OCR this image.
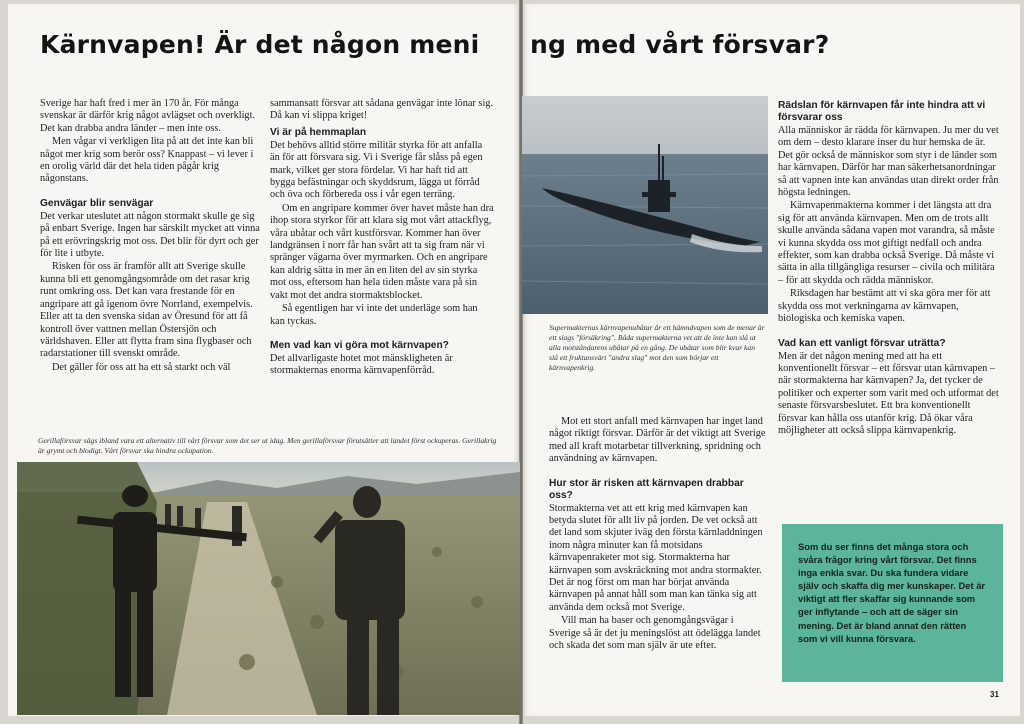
Kärnvapen! Är det någon meni ng med vårt försvar?

Sverige har haft fred i mer än 170 år. För många svenskar är därför krig något avlägset och overkligt. Det kan drabba andra länder – men inte oss.

Men vågar vi verkligen lita på att det inte kan bli något mer krig som berör oss? Knappast – vi lever i en orolig värld där det hela tiden pågår krig någonstans.

Genvägar blir senvägar

Det verkar uteslutet att någon stormakt skulle ge sig på enbart Sverige. Ingen har särskilt mycket att vinna på ett erövringskrig mot oss. Det blir för dyrt och ger för lite i utbyte.

Risken för oss är framför allt att Sverige skulle kunna bli ett genomgångsområde om det rasar krig runt omkring oss. Det kan vara frestande för en angripare att gå igenom övre Norrland, exempelvis. Eller att ta den svenska sidan av Öresund för att få kontroll över vattnen mellan Östersjön och världshaven. Eller att flytta fram sina flygbaser och radarstationer till svenskt område.

Det gäller för oss att ha ett så starkt och väl

sammansatt försvar att sådana genvägar inte lönar sig. Då kan vi slippa kriget!

Vi är på hemmaplan

Det behövs alltid större militär styrka för att anfalla än för att försvara sig. Vi i Sverige får slåss på egen mark, vilket ger stora fördelar. Vi har haft tid att bygga befästningar och skyddsrum, lägga ut förråd och öva och förbereda oss i vår egen terräng.

Om en angripare kommer över havet måste han dra ihop stora styrkor för att klara sig mot vårt attackflyg, våra ubåtar och vårt kustförsvar. Kommer han över landgränsen i norr får han svårt att ta sig fram när vi spränger vägarna över myrmarken. Och en angripare kan aldrig sätta in mer än en liten del av sin styrka mot oss, eftersom han hela tiden måste vara på sin vakt mot det andra stormaktsblocket.

Så egentligen har vi inte det underläge som han kan tyckas.

Men vad kan vi göra mot kärnvapen?

Det allvarligaste hotet mot mänskligheten är stormakternas enorma kärnvapenförråd.

Gerillaförsvar sägs ibland vara ett alternativ till vårt försvar som det ser ut idag. Men gerillaförsvar förutsätter att landet först ockuperas. Gerillakrig är grymt och blodigt. Vårt försvar ska hindra ockupation.
Supermakternas kärnvapenubåtar är ett hämndvapen som de menar är ett slags "försäkring". Båda supermakterna vet att de inte kan slå ut alla motståndarens ubåtar på en gång. De ubåtar som blir kvar kan slå ett fruktansvärt "andra slag" mot den som börjar ett kärnvapenkrig.

Mot ett stort anfall med kärnvapen har inget land något riktigt försvar. Därför är det viktigt att Sverige med all kraft motarbetar tillverkning, spridning och användning av kärnvapen.

Hur stor är risken att kärnvapen drabbar oss?

Stormakterna vet att ett krig med kärnvapen kan betyda slutet för allt liv på jorden. De vet också att det land som skjuter iväg den första kärnladdningen inom några minuter kan få motsidans kärnvapenraketer mot sig. Stormakterna har kärnvapen som avskräckning mot andra stormakter. Det är nog först om man har börjat använda kärnvapen på annat håll som man kan tänka sig att använda dem också mot Sverige.

Vill man ha baser och genomgångsvägar i Sverige så är det ju meningslöst att ödelägga landet och skada det som man själv är ute efter.

Rädslan för kärnvapen får inte hindra att vi försvarar oss

Alla människor är rädda för kärnvapen. Ju mer du vet om dem – desto klarare inser du hur hemska de är. Det gör också de människor som styr i de länder som har kärnvapen. Därför har man säkerhetsanordningar så att vapnen inte kan användas utan direkt order från högsta ledningen.

Kärnvapenmakterna kommer i det längsta att dra sig för att använda kärnvapen. Men om de trots allt skulle använda sådana vapen mot varandra, så måste vi kunna skydda oss mot giftigt nedfall och andra effekter, som kan drabba också Sverige. Då måste vi sätta in alla tillgängliga resurser – civila och militära – för att skydda och rädda människor.

Riksdagen har bestämt att vi ska göra mer för att skydda oss mot verkningarna av kärnvapen, biologiska och kemiska vapen.

Vad kan ett vanligt försvar uträtta?

Men är det någon mening med att ha ett konventionellt försvar – ett försvar utan kärnvapen – när stormakterna har kärnvapen? Ja, det tycker de politiker och experter som varit med och utformat det senaste försvarsbeslutet. Ett bra konventionellt försvar kan hålla oss utanför krig. Då ökar våra möjligheter att också slippa kärnvapenkrig.

Som du ser finns det många stora och svåra frågor kring vårt försvar. Det finns inga enkla svar. Du ska fundera vidare själv och skaffa dig mer kunskaper. Det är viktigt att fler skaffar sig kunnande som ger inflytande – och att de säger sin mening. Det är bland annat den rätten som vi vill kunna försvara.
31
